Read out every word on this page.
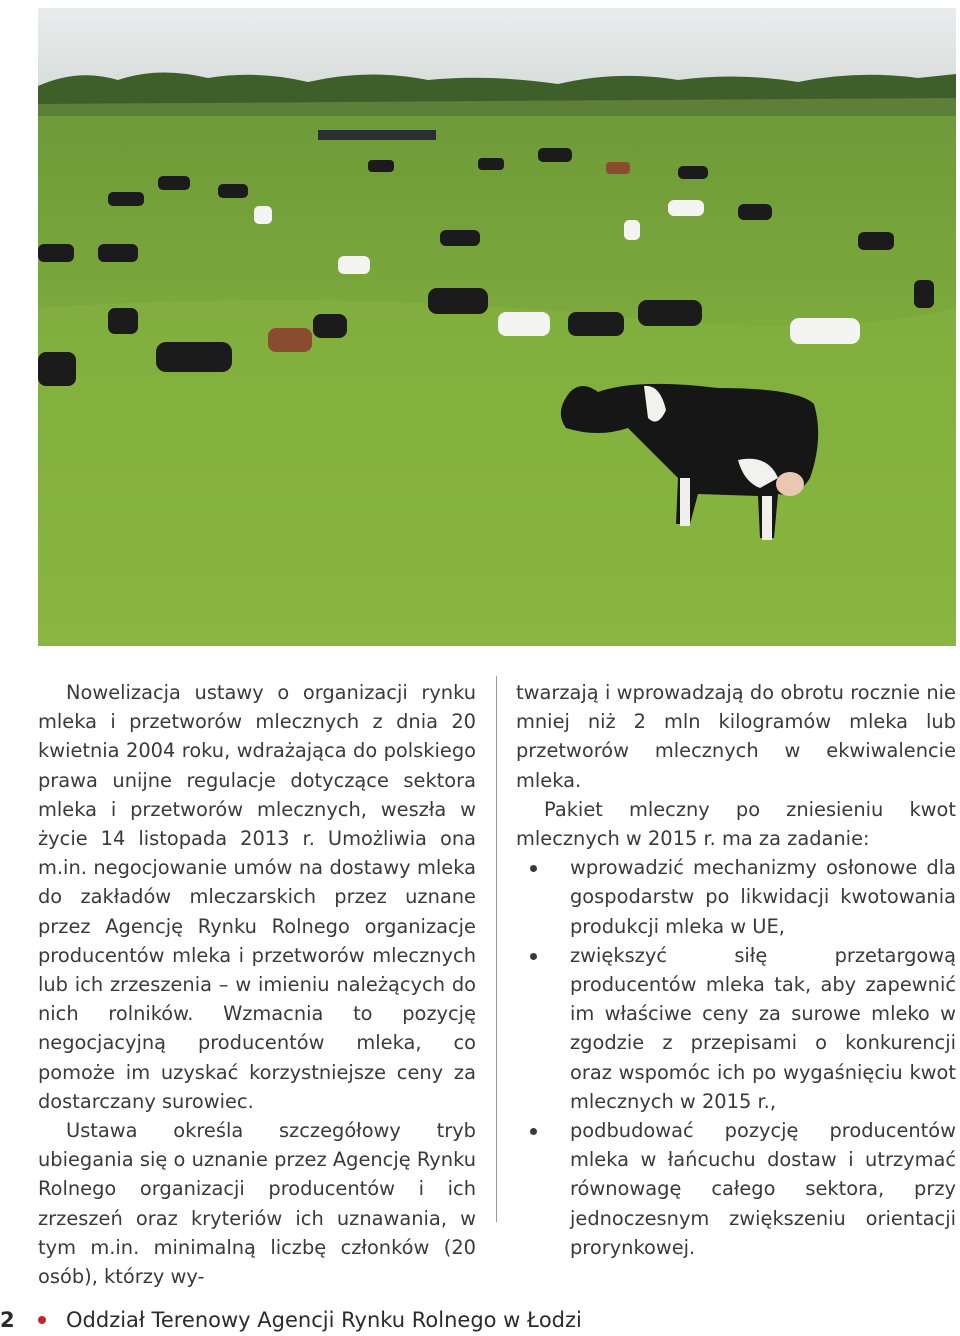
Nowelizacja ustawy o organizacji rynku mleka i przetworów mlecznych z dnia 20 kwietnia 2004 roku, wdrażająca do polskiego prawa unijne regulacje dotyczące sektora mleka i przetworów mlecznych, weszła w życie 14 listopada 2013 r. Umożliwia ona m.in. negocjowanie umów na dostawy mleka do zakładów mleczarskich przez uznane przez Agencję Rynku Rolnego organizacje producentów mleka i przetworów mlecznych lub ich zrzeszenia – w imieniu należących do nich rolników. Wzmacnia to pozycję negocjacyjną producentów mleka, co pomoże im uzyskać korzystniejsze ceny za dostarczany surowiec.

Ustawa określa szczegółowy tryb ubiegania się o uznanie przez Agencję Rynku Rolnego organizacji producentów i ich zrzeszeń oraz kryteriów ich uznawania, w tym m.in. minimalną liczbę członków (20 osób), którzy wy-

twarzają i wprowadzają do obrotu rocznie nie mniej niż 2 mln kilogramów mleka lub przetworów mlecznych w ekwiwalencie mleka.

Pakiet mleczny po zniesieniu kwot mlecznych w 2015 r. ma za zadanie:

wprowadzić mechanizmy osłonowe dla gospodarstw po likwidacji kwotowania produkcji mleka w UE,
zwiększyć siłę przetargową producentów mleka tak, aby zapewnić im właściwe ceny za surowe mleko w zgodzie z przepisami o konkurencji oraz wspomóc ich po wygaśnięciu kwot mlecznych w 2015 r.,
podbudować pozycję producentów mleka w łańcuchu dostaw i utrzymać równowagę całego sektora, przy jednoczesnym zwiększeniu orientacji prorynkowej.
2 Oddział Terenowy Agencji Rynku Rolnego w Łodzi
